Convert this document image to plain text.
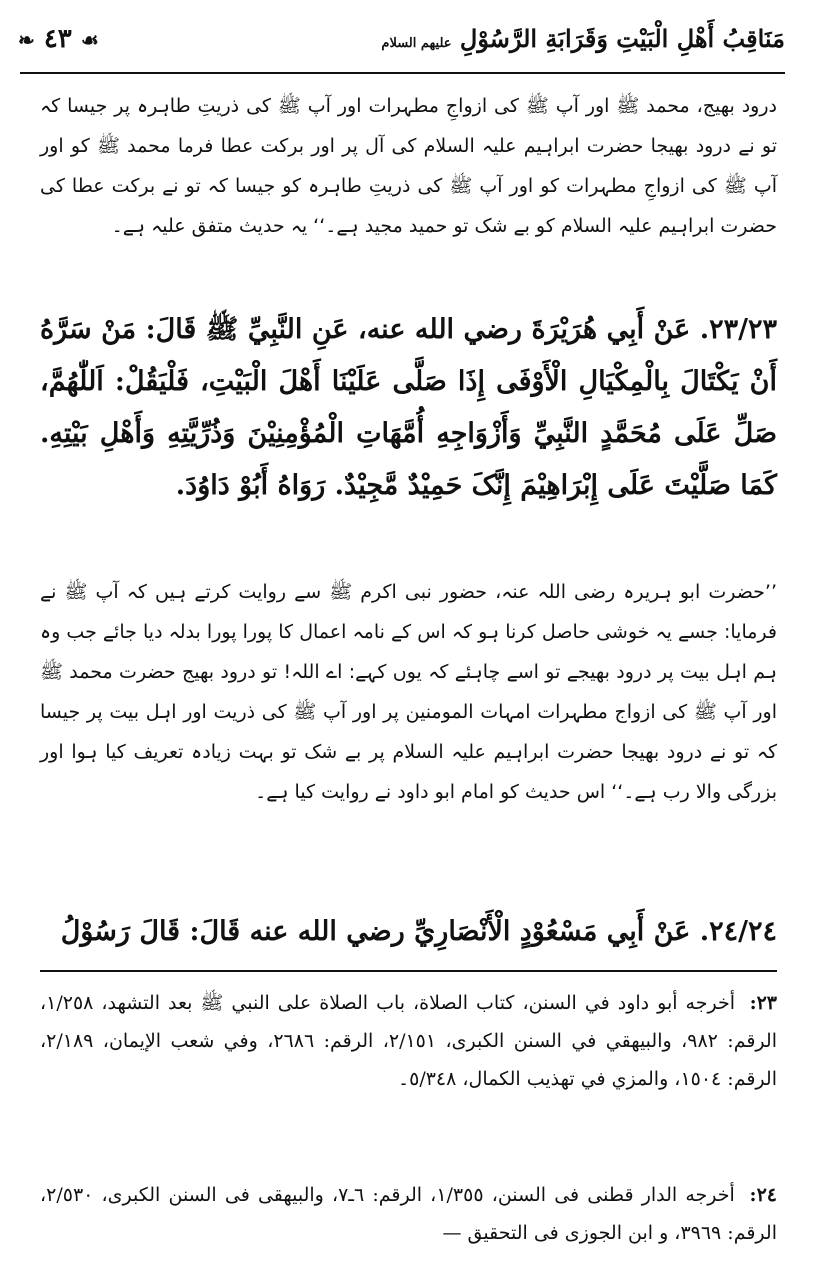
☙ ٤٣ ❧	مَنَاقِبُ أَهْلِ الْبَيْتِ وَقَرَابَةِ الرَّسُوْلِ عليهم السلام
درود بھیج، محمد ﷺ اور آپ ﷺ کی ازواجِ مطہرات اور آپ ﷺ کی ذریتِ طاہرہ پر جیسا کہ تو نے درود بھیجا حضرت ابراہیم علیہ السلام کی آل پر اور برکت عطا فرما محمد ﷺ کو اور آپ ﷺ کی ازواجِ مطہرات کو اور آپ ﷺ کی ذریتِ طاہرہ کو جیسا کہ تو نے برکت عطا کی حضرت ابراہیم علیہ السلام کو بے شک تو حمید مجید ہے۔‘‘ یہ حدیث متفق علیہ ہے۔
٢٣/٢٣. عَنْ أَبِي هُرَيْرَةَ رضي الله عنه، عَنِ النَّبِيِّ ﷺ قَالَ: مَنْ سَرَّهُ أَنْ يَكْتَالَ بِالْمِكْيَالِ الْأَوْفَى إِذَا صَلَّى عَلَيْنَا أَهْلَ الْبَيْتِ، فَلْيَقُلْ: اَللّٰهُمَّ، صَلِّ عَلَى مُحَمَّدٍ النَّبِيِّ وَأَزْوَاجِهِ أُمَّهَاتِ الْمُؤْمِنِيْنَ وَذُرِّيَّتِهِ وَأَهْلِ بَيْتِهِ. كَمَا صَلَّيْتَ عَلَى إِبْرَاهِيْمَ إِنَّکَ حَمِيْدٌ مَّجِيْدٌ. رَوَاهُ أَبُوْ دَاوُدَ.
’’حضرت ابو ہریرہ رضی اللہ عنہ، حضور نبی اکرم ﷺ سے روایت کرتے ہیں کہ آپ ﷺ نے فرمایا: جسے یہ خوشی حاصل کرنا ہو کہ اس کے نامہ اعمال کا پورا پورا بدلہ دیا جائے جب وہ ہم اہل بیت پر درود بھیجے تو اسے چاہئے کہ یوں کہے: اے اللہ! تو درود بھیج حضرت محمد ﷺ اور آپ ﷺ کی ازواج مطہرات امہات المومنین پر اور آپ ﷺ کی ذریت اور اہل بیت پر جیسا کہ تو نے درود بھیجا حضرت ابراہیم علیہ السلام پر بے شک تو بہت زیادہ تعریف کیا ہوا اور بزرگی والا رب ہے۔‘‘ اس حدیث کو امام ابو داود نے روایت کیا ہے۔
٢٤/٢٤. عَنْ أَبِي مَسْعُوْدٍ الْأَنْصَارِيِّ رضي الله عنه قَالَ: قَالَ رَسُوْلُ
٢٣: أخرجه أبو داود في السنن، كتاب الصلاة، باب الصلاة على النبي ﷺ بعد التشهد، ١/٢٥٨، الرقم: ٩٨٢، والبيهقي في السنن الكبرى، ٢/١٥١، الرقم: ٢٦٨٦، وفي شعب الإيمان، ٢/١٨٩، الرقم: ١٥٠٤، والمزي في تهذيب الكمال، ٥/٣٤٨۔
٢٤: أخرجه الدار قطنى فى السنن، ١/٣٥٥، الرقم: ٦ـ٧، والبيهقى فى السنن الكبرى، ٢/٥٣٠، الرقم: ٣٩٦٩، و ابن الجوزى فى التحقيق —
